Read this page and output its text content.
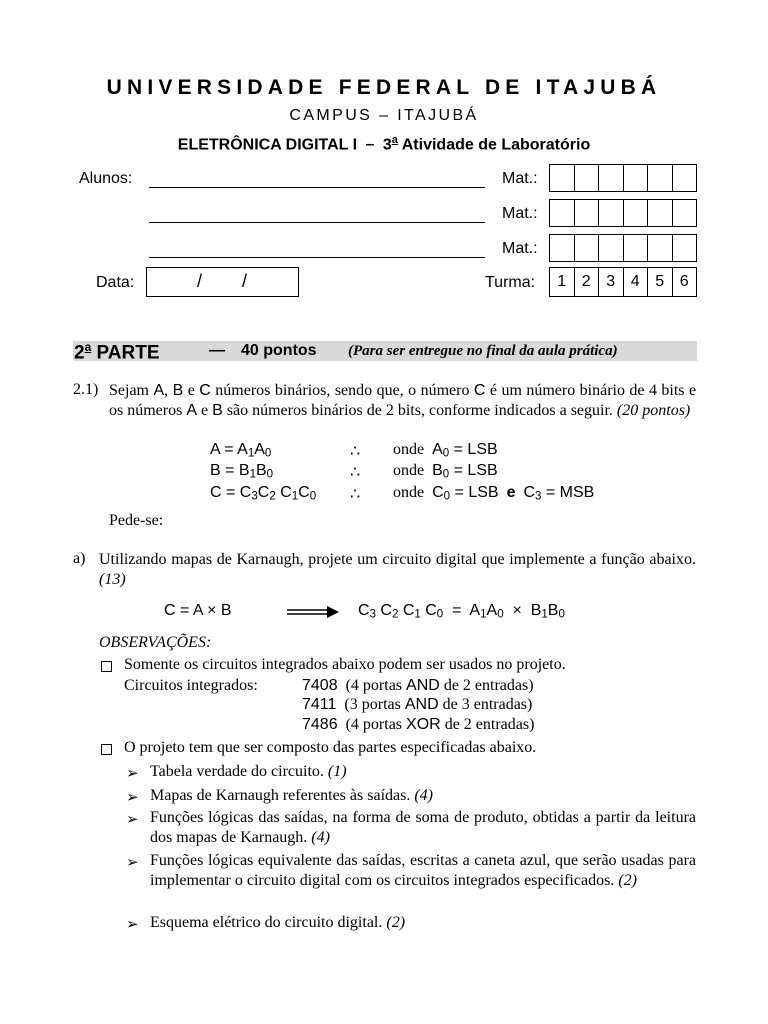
UNIVERSIDADE FEDERAL DE ITAJUBÁ
CAMPUS – ITAJUBÁ
ELETRÔNICA DIGITAL I – 3$^a$ Atividade de Laboratório
Alunos:	Mat.:
Mat.:
Mat.:
Data:	/ /	Turma:	1 2 3 4 5 6
2$^a$ PARTE	— 40 pontos (Para ser entregue no final da aula prática)
2.1) Sejam A, B e C números binários, sendo que, o número C é um número binário de 4 bits e os números A e B são números binários de 2 bits, conforme indicados a seguir. (20 pontos)
$A = A_1A_0$	∴ onde $A_0$ = LSB
$B = B_1B_0$	∴ onde $B_0$ = LSB
$C = C_3C_2$ $C_1C_0$ ∴ onde $C_0$ = LSB e $C_3$ = MSB
Pede-se:
a) Utilizando mapas de Karnaugh, projete um circuito digital que implemente a função abaixo. (13)
C = A × B	$C_3$ $C_2$ $C_1$ $C_0 = A_1A_0 \times B_1B_0$
OBSERVAÇÕES:
Somente os circuitos integrados abaixo podem ser usados no projeto.
Circuitos integrados:	7408 (4 portas AND de 2 entradas)
7411 (3 portas AND de 3 entradas)
7486 (4 portas XOR de 2 entradas)
O projeto tem que ser composto das partes especificadas abaixo.
➢ Tabela verdade do circuito. (1)
➢ Mapas de Karnaugh referentes às saídas. (4)
➢ Funções lógicas das saídas, na forma de soma de produto, obtidas a partir da leitura dos mapas de Karnaugh. (4)
➢ Funções lógicas equivalente das saídas, escritas a caneta azul, que serão usadas para implementar o circuito digital com os circuitos integrados especificados. (2)
➢ Esquema elétrico do circuito digital. (2)
